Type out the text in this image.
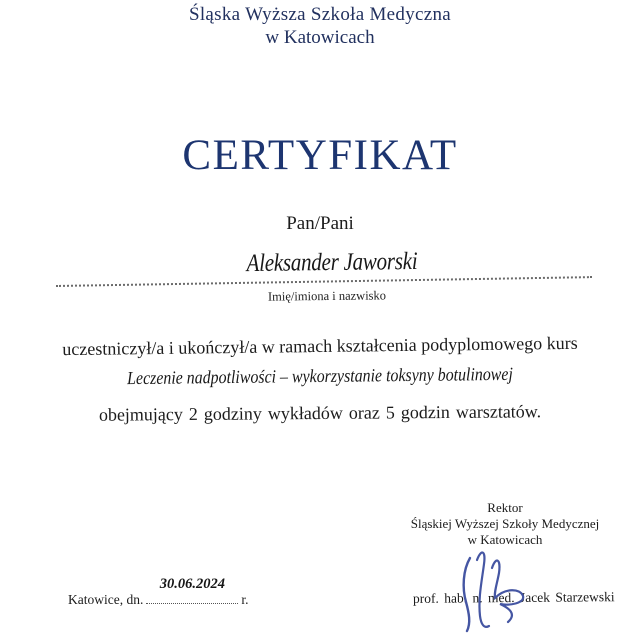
Śląska Wyższa Szkoła Medyczna
w Katowicach
CERTYFIKAT
Pan/Pani
Aleksander Jaworski
Imię/imiona i nazwisko
uczestniczył/a i ukończył/a w ramach kształcenia podyplomowego kurs
Leczenie nadpotliwości – wykorzystanie toksyny botulinowej
obejmujący 2 godziny wykładów oraz 5 godzin warsztatów.
Rektor
Śląskiej Wyższej Szkoły Medycznej
w Katowicach
prof. hab. n. med. Jacek Starzewski
Katowice, dn.
30.06.2024
r.
